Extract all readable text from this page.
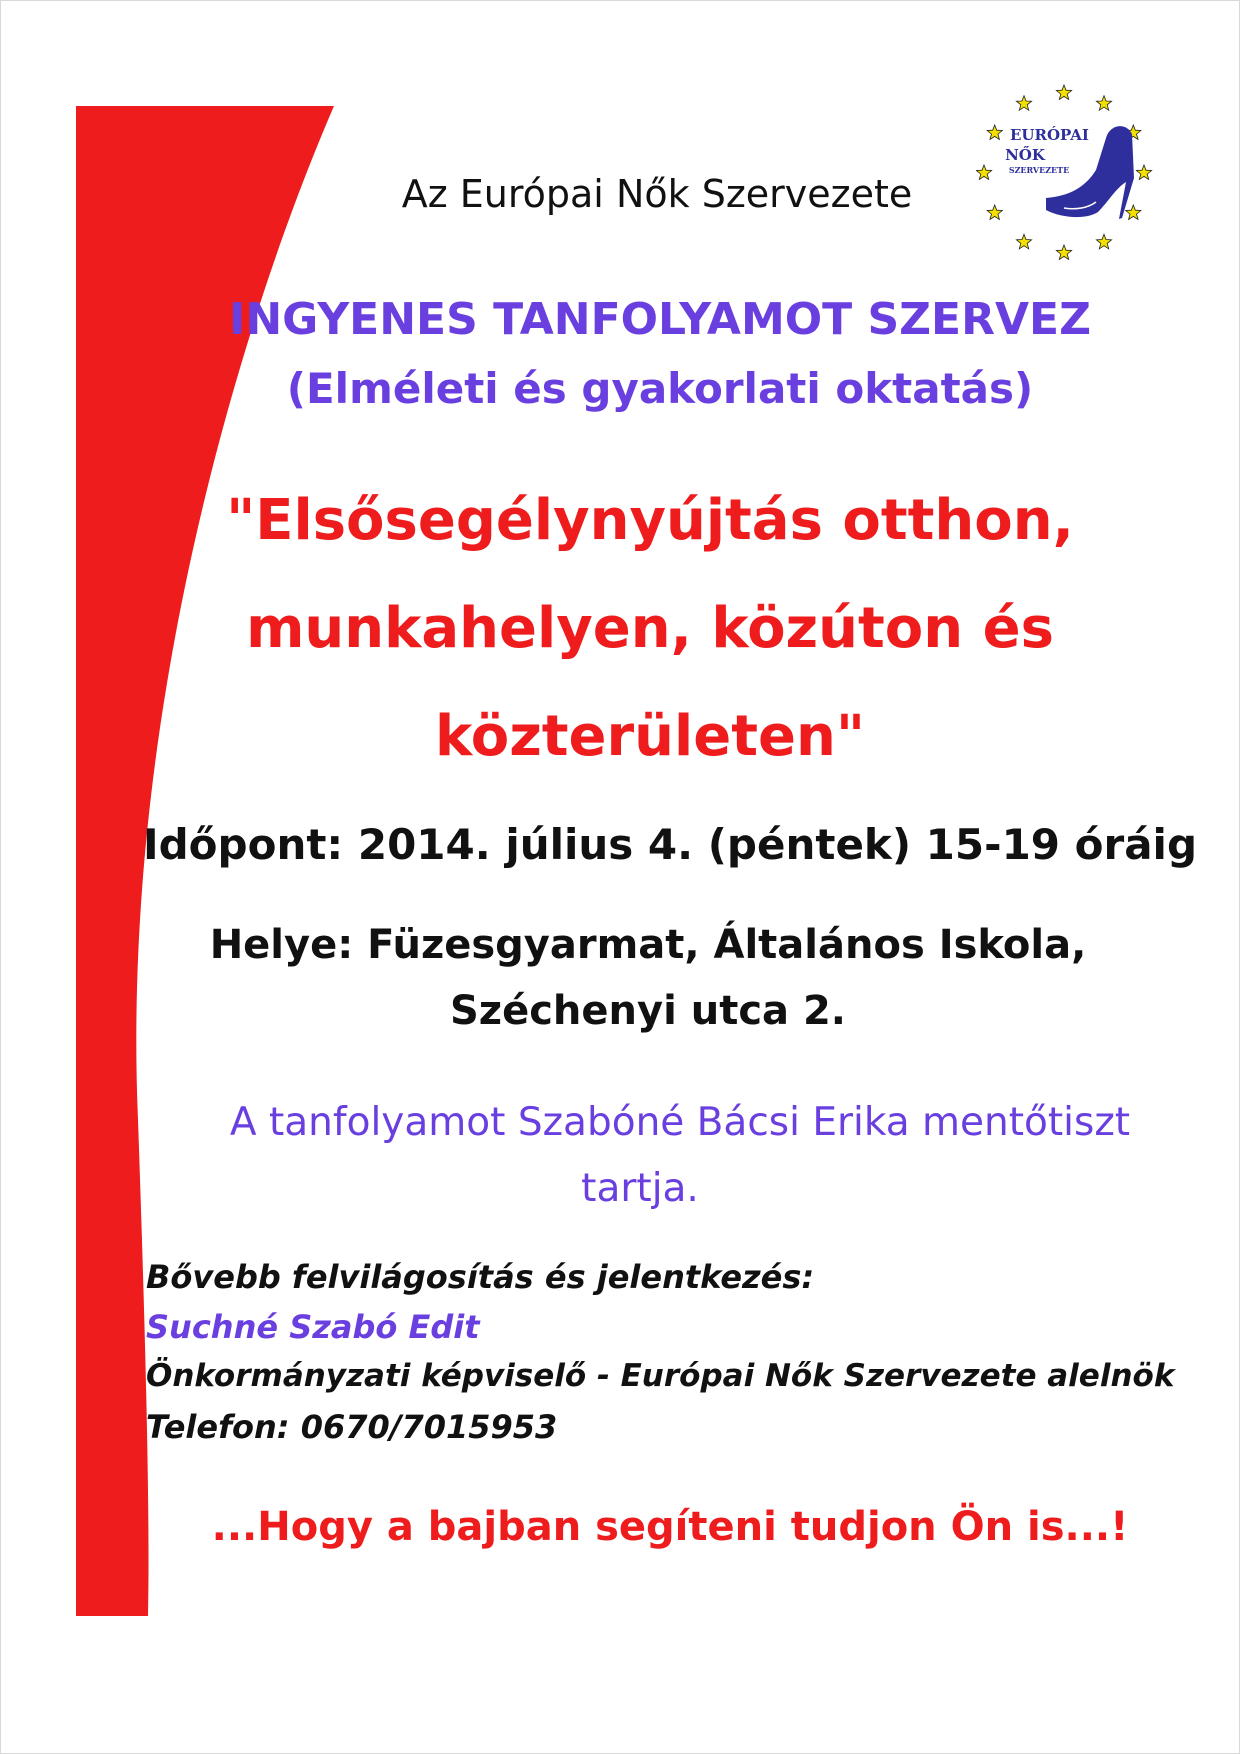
EURÓPAI
NŐK
SZERVEZETE
Az Európai Nők Szervezete
INGYENES TANFOLYAMOT SZERVEZ
(Elméleti és gyakorlati oktatás)
"Elsősegélynyújtás otthon,
munkahelyen, közúton és
közterületen"
Időpont: 2014. július 4. (péntek) 15-19 óráig
Helye: Füzesgyarmat, Általános Iskola,
Széchenyi utca 2.
A tanfolyamot Szabóné Bácsi Erika mentőtiszt
tartja.
Bővebb felvilágosítás és jelentkezés:
Suchné Szabó Edit
Önkormányzati képviselő - Európai Nők Szervezete alelnök
Telefon: 0670/7015953
...Hogy a bajban segíteni tudjon Ön is...!
